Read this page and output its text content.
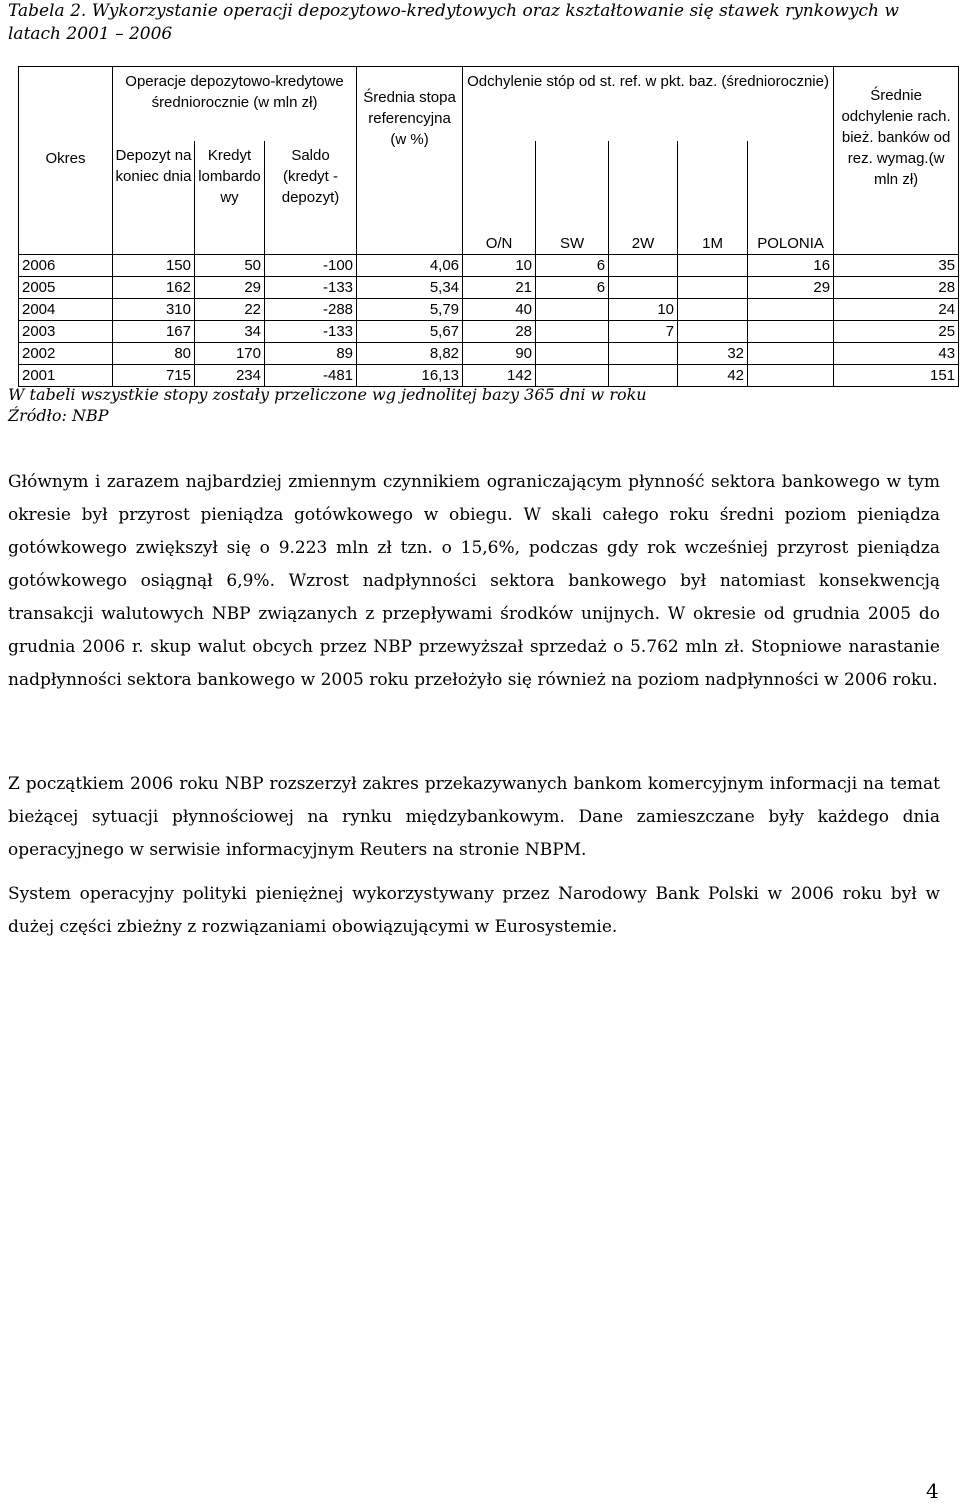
Tabela 2. Wykorzystanie operacji depozytowo-kredytowych oraz kształtowanie się stawek rynkowych w latach 2001 – 2006

Okres	Operacje depozytowo-kredytowe średniorocznie (w mln zł)			Średnia stopa referencyjna (w %)	Odchylenie stóp od st. ref. w pkt. baz. (średniorocznie)					Średnie odchylenie rach. bież. banków od rez. wymag.(w mln zł)
	Depozyt na koniec dnia	Kredyt lombardo wy	Saldo (kredyt - depozyt)							
					O/N	SW	2W	1M	POLONIA	
2006	150	50	-100	4,06	10	6			16	35
2005	162	29	-133	5,34	21	6			29	28
2004	310	22	-288	5,79	40		10			24
2003	167	34	-133	5,67	28		7			25
2002	80	170	89	8,82	90			32		43
2001	715	234	-481	16,13	142			42		151

W tabeli wszystkie stopy zostały przeliczone wg jednolitej bazy 365 dni w roku

Źródło: NBP

Głównym i zarazem najbardziej zmiennym czynnikiem ograniczającym płynność sektora bankowego w tym okresie był przyrost pieniądza gotówkowego w obiegu. W skali całego roku średni poziom pieniądza gotówkowego zwiększył się o 9.223 mln zł tzn. o 15,6%, podczas gdy rok wcześniej przyrost pieniądza gotówkowego osiągnął 6,9%. Wzrost nadpłynności sektora bankowego był natomiast konsekwencją transakcji walutowych NBP związanych z przepływami środków unijnych. W okresie od grudnia 2005 do grudnia 2006 r. skup walut obcych przez NBP przewyższał sprzedaż o 5.762 mln zł. Stopniowe narastanie nadpłynności sektora bankowego w 2005 roku przełożyło się również na poziom nadpłynności w 2006 roku.

Z początkiem 2006 roku NBP rozszerzył zakres przekazywanych bankom komercyjnym informacji na temat bieżącej sytuacji płynnościowej na rynku międzybankowym. Dane zamieszczane były każdego dnia operacyjnego w serwisie informacyjnym Reuters na stronie NBPM.

System operacyjny polityki pieniężnej wykorzystywany przez Narodowy Bank Polski w 2006 roku był w dużej części zbieżny z rozwiązaniami obowiązującymi w Eurosystemie.

4
